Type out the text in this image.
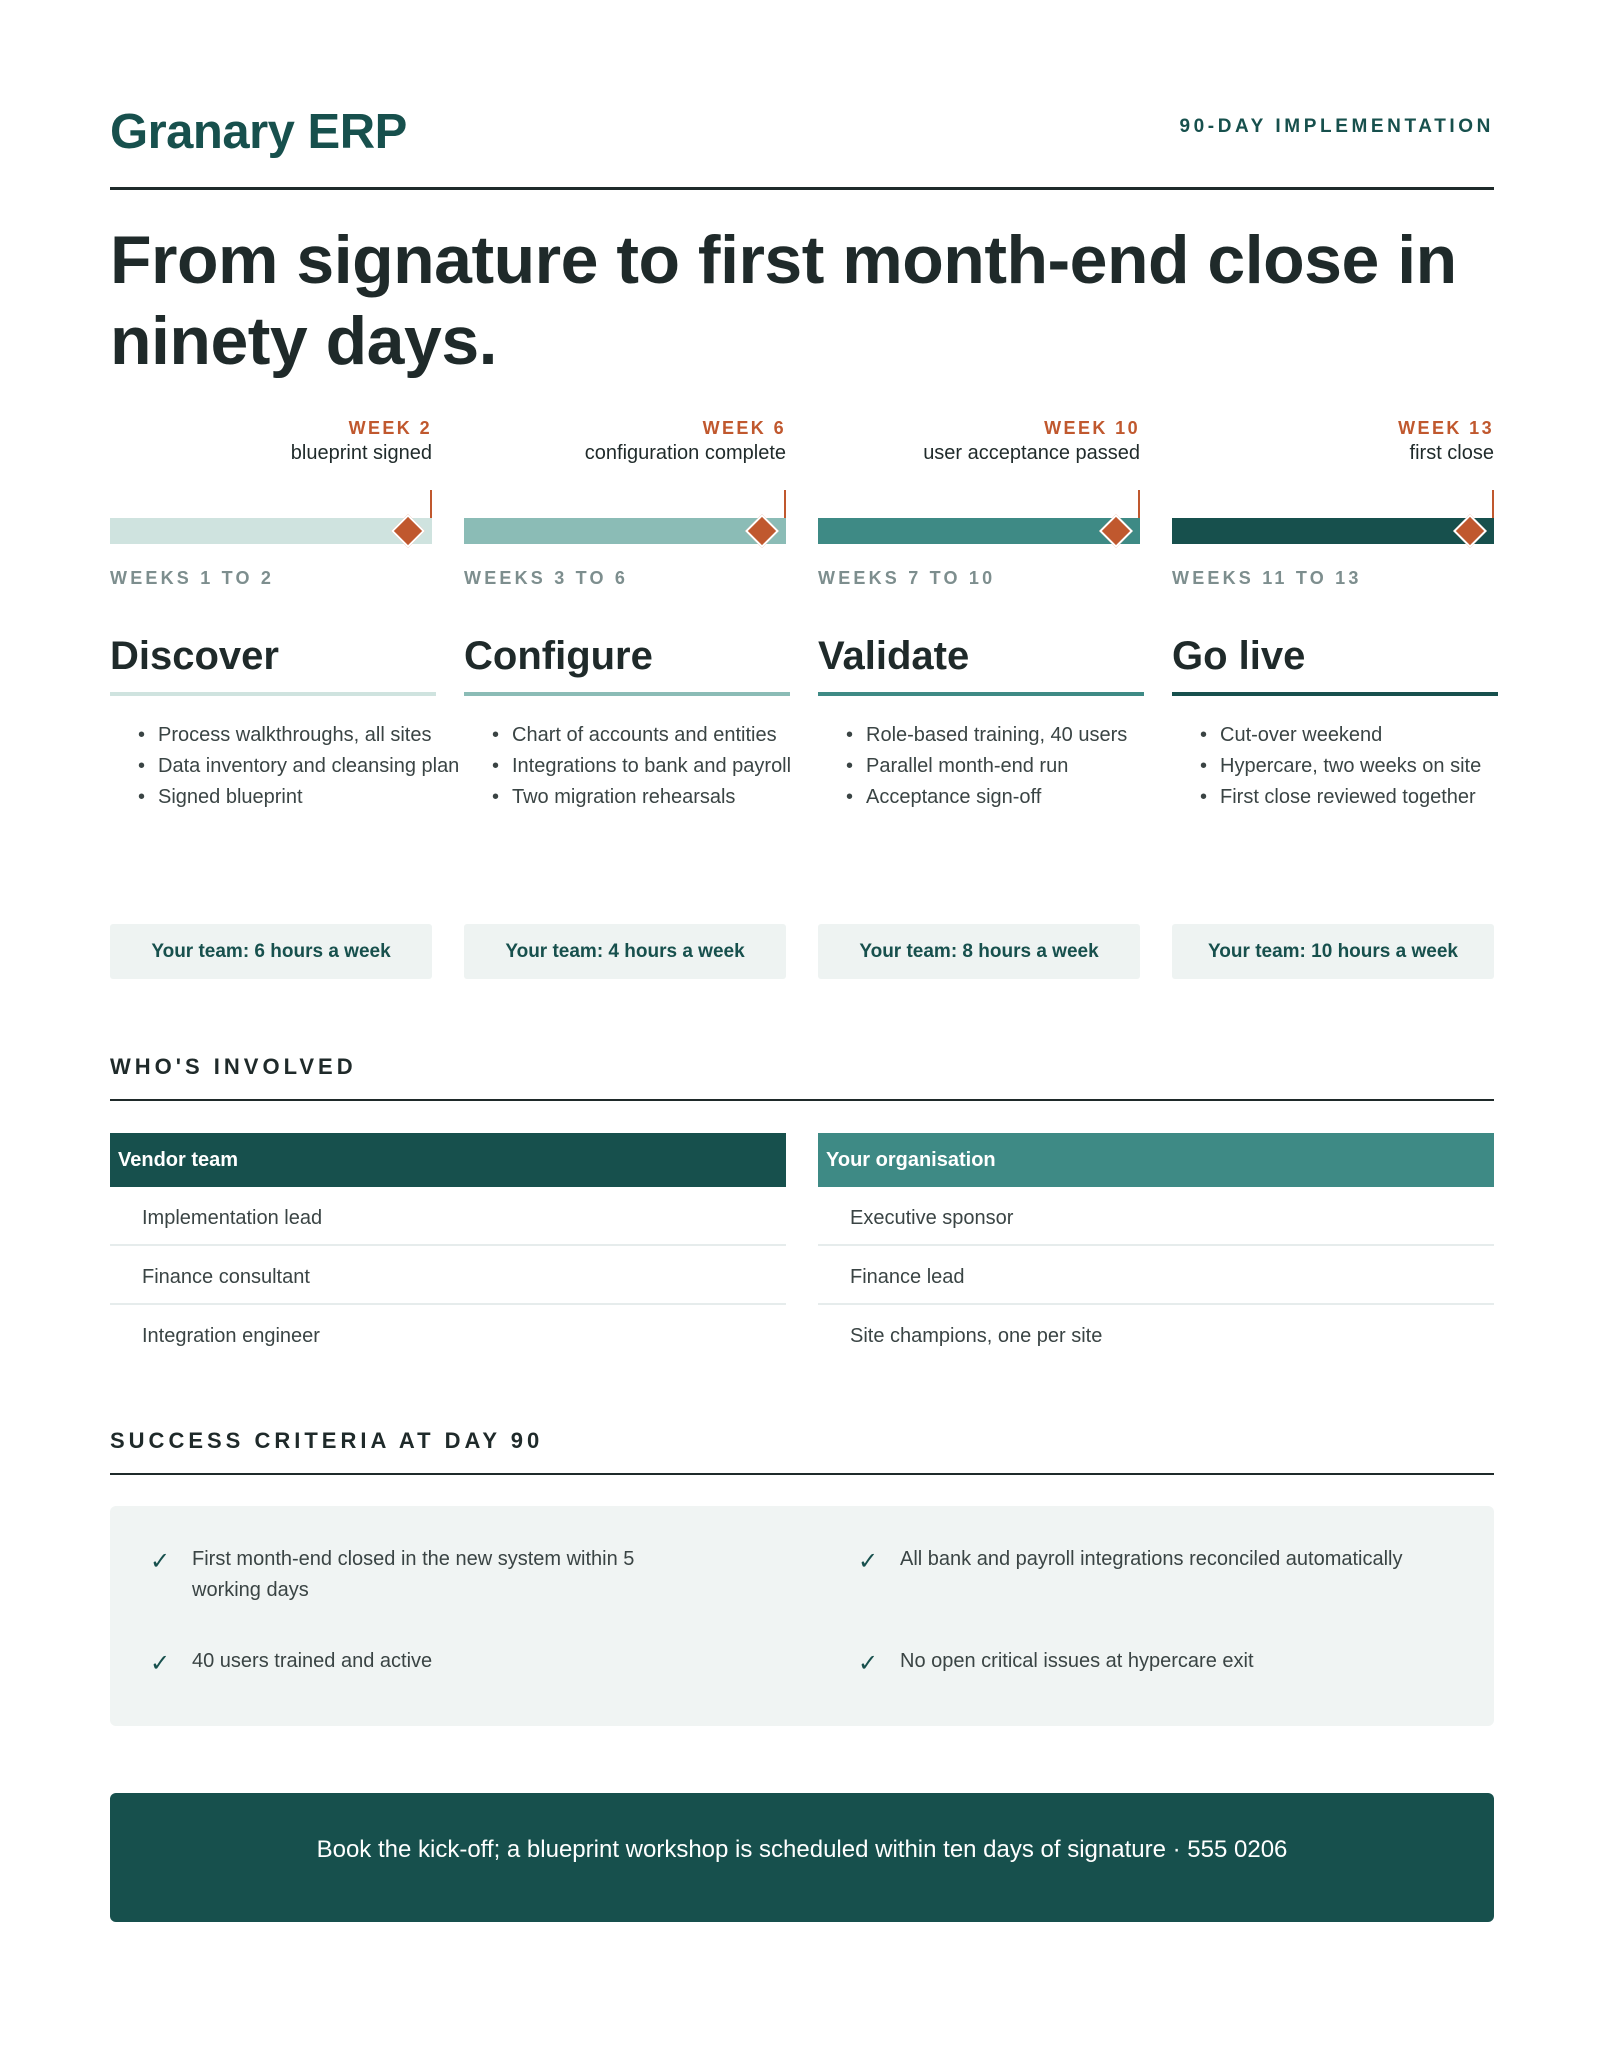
Granary ERP	90-DAY IMPLEMENTATION
From signature to first month-end close in ninety days.
WEEK 2
blueprint signed
WEEKS 1 TO 2
Discover
• Process walkthroughs, all sites
• Data inventory and cleansing plan
• Signed blueprint
Your team: 6 hours a week
WEEK 6
configuration complete
WEEKS 3 TO 6
Configure
• Chart of accounts and entities
• Integrations to bank and payroll
• Two migration rehearsals
Your team: 4 hours a week
WEEK 10
user acceptance passed
WEEKS 7 TO 10
Validate
• Role-based training, 40 users
• Parallel month-end run
• Acceptance sign-off
Your team: 8 hours a week
WEEK 13
first close
WEEKS 11 TO 13
Go live
• Cut-over weekend
• Hypercare, two weeks on site
• First close reviewed together
Your team: 10 hours a week
WHO'S INVOLVED
Vendor team
Implementation lead
Finance consultant
Integration engineer
Your organisation
Executive sponsor
Finance lead
Site champions, one per site
SUCCESS CRITERIA AT DAY 90
✓ First month-end closed in the new system within 5 working days
✓ All bank and payroll integrations reconciled automatically
✓ 40 users trained and active	✓ No open critical issues at hypercare exit
Book the kick-off; a blueprint workshop is scheduled within ten days of signature · 555 0206
